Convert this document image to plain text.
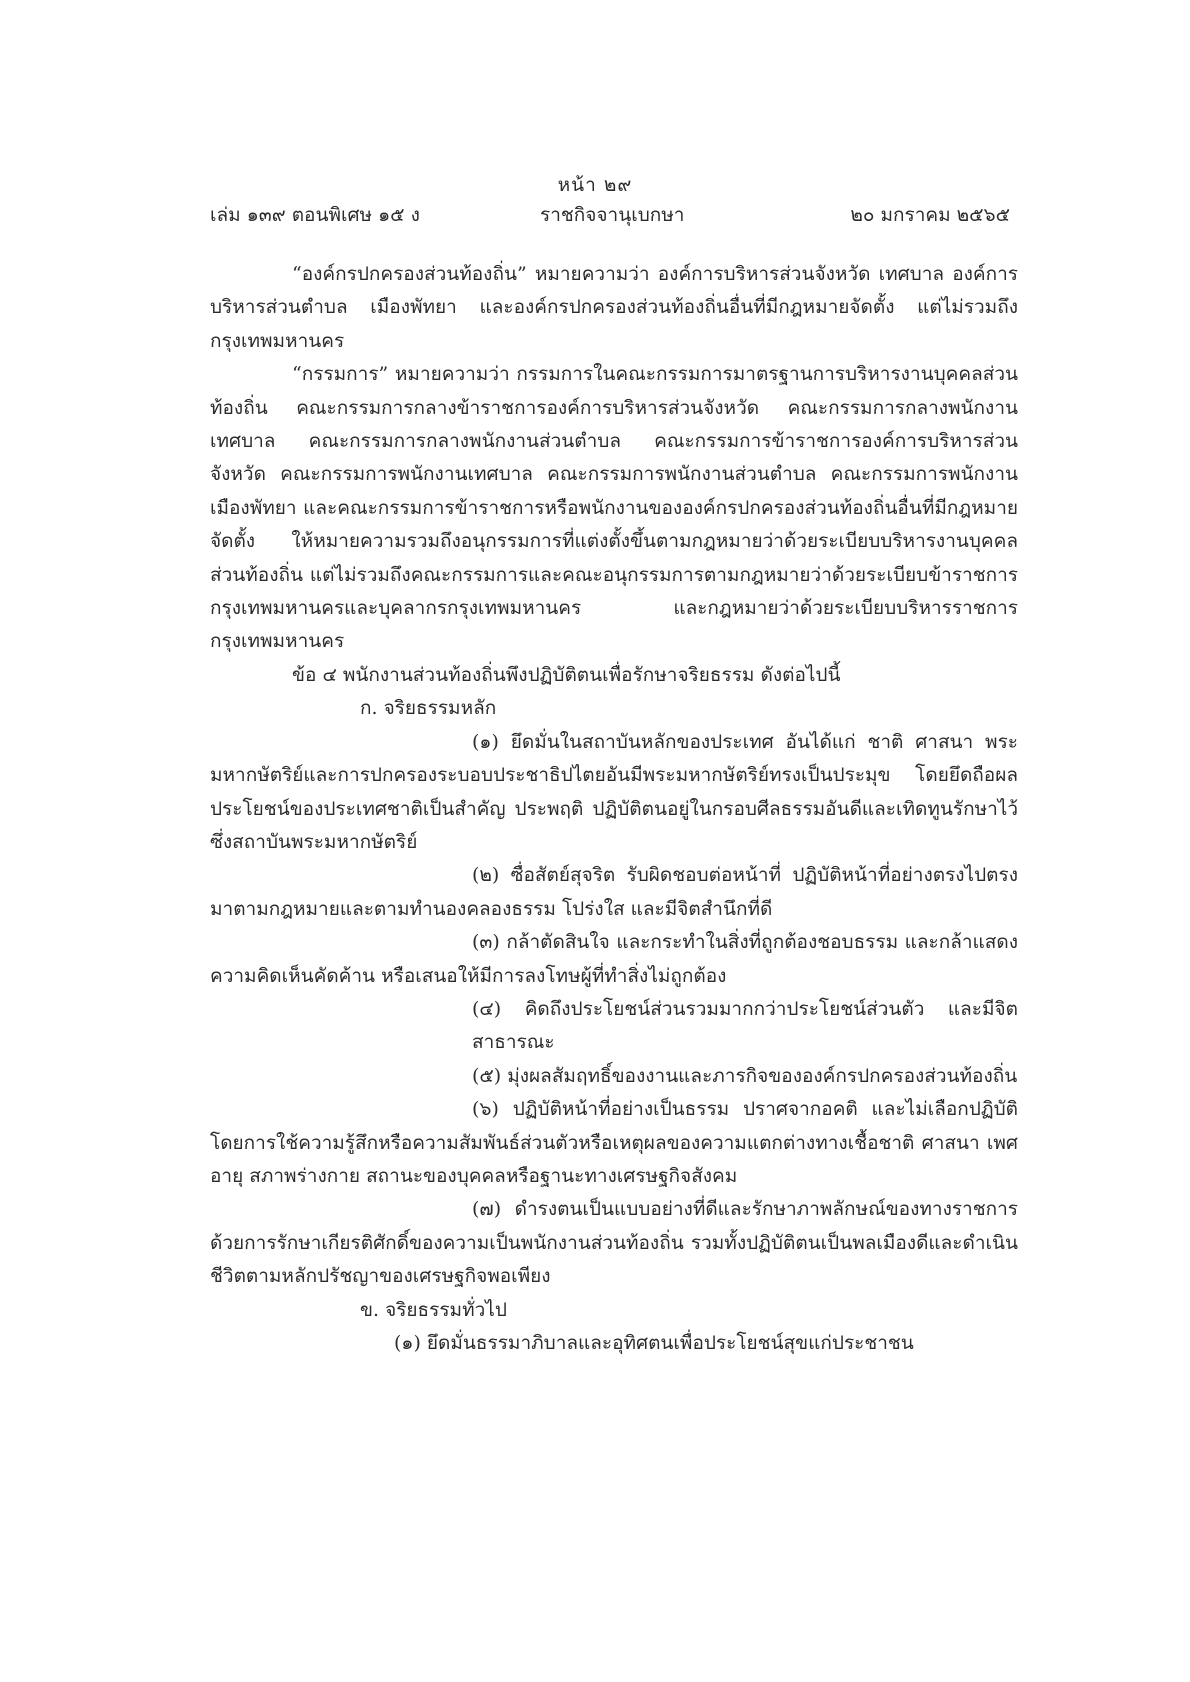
หน้า ๒๙
เล่ม ๑๓๙ ตอนพิเศษ ๑๕ ง	ราชกิจจานุเบกษา	๒๐ มกราคม ๒๕๖๕

“องค์กรปกครองส่วนท้องถิ่น” หมายความว่า องค์การบริหารส่วนจังหวัด เทศบาล องค์การบริหารส่วนตำบล เมืองพัทยา และองค์กรปกครองส่วนท้องถิ่นอื่นที่มีกฎหมายจัดตั้ง แต่ไม่รวมถึงกรุงเทพมหานคร

“กรรมการ” หมายความว่า กรรมการในคณะกรรมการมาตรฐานการบริหารงานบุคคลส่วนท้องถิ่น คณะกรรมการกลางข้าราชการองค์การบริหารส่วนจังหวัด คณะกรรมการกลางพนักงานเทศบาล คณะกรรมการกลางพนักงานส่วนตำบล คณะกรรมการข้าราชการองค์การบริหารส่วนจังหวัด คณะกรรมการพนักงานเทศบาล คณะกรรมการพนักงานส่วนตำบล คณะกรรมการพนักงานเมืองพัทยา และคณะกรรมการข้าราชการหรือพนักงานขององค์กรปกครองส่วนท้องถิ่นอื่นที่มีกฎหมายจัดตั้ง ให้หมายความรวมถึงอนุกรรมการที่แต่งตั้งขึ้นตามกฎหมายว่าด้วยระเบียบบริหารงานบุคคลส่วนท้องถิ่น แต่ไม่รวมถึงคณะกรรมการและคณะอนุกรรมการตามกฎหมายว่าด้วยระเบียบข้าราชการกรุงเทพมหานครและบุคลากรกรุงเทพมหานคร และกฎหมายว่าด้วยระเบียบบริหารราชการกรุงเทพมหานคร

ข้อ ๔ พนักงานส่วนท้องถิ่นพึงปฏิบัติตนเพื่อรักษาจริยธรรม ดังต่อไปนี้

ก. จริยธรรมหลัก

(๑) ยึดมั่นในสถาบันหลักของประเทศ อันได้แก่ ชาติ ศาสนา พระมหากษัตริย์และการปกครองระบอบประชาธิปไตยอันมีพระมหากษัตริย์ทรงเป็นประมุข โดยยึดถือผลประโยชน์ของประเทศชาติเป็นสำคัญ ประพฤติ ปฏิบัติตนอยู่ในกรอบศีลธรรมอันดีและเทิดทูนรักษาไว้ซึ่งสถาบันพระมหากษัตริย์

(๒) ซื่อสัตย์สุจริต รับผิดชอบต่อหน้าที่ ปฏิบัติหน้าที่อย่างตรงไปตรงมาตามกฎหมายและตามทำนองคลองธรรม โปร่งใส และมีจิตสำนึกที่ดี

(๓) กล้าตัดสินใจ และกระทำในสิ่งที่ถูกต้องชอบธรรม และกล้าแสดงความคิดเห็นคัดค้าน หรือเสนอให้มีการลงโทษผู้ที่ทำสิ่งไม่ถูกต้อง

(๔) คิดถึงประโยชน์ส่วนรวมมากกว่าประโยชน์ส่วนตัว และมีจิตสาธารณะ

(๕) มุ่งผลสัมฤทธิ์ของงานและภารกิจขององค์กรปกครองส่วนท้องถิ่น

(๖) ปฏิบัติหน้าที่อย่างเป็นธรรม ปราศจากอคติ และไม่เลือกปฏิบัติ โดยการใช้ความรู้สึกหรือความสัมพันธ์ส่วนตัวหรือเหตุผลของความแตกต่างทางเชื้อชาติ ศาสนา เพศ อายุ สภาพร่างกาย สถานะของบุคคลหรือฐานะทางเศรษฐกิจสังคม

(๗) ดำรงตนเป็นแบบอย่างที่ดีและรักษาภาพลักษณ์ของทางราชการ ด้วยการรักษาเกียรติศักดิ์ของความเป็นพนักงานส่วนท้องถิ่น รวมทั้งปฏิบัติตนเป็นพลเมืองดีและดำเนินชีวิตตามหลักปรัชญาของเศรษฐกิจพอเพียง

ข. จริยธรรมทั่วไป

(๑) ยึดมั่นธรรมาภิบาลและอุทิศตนเพื่อประโยชน์สุขแก่ประชาชน
